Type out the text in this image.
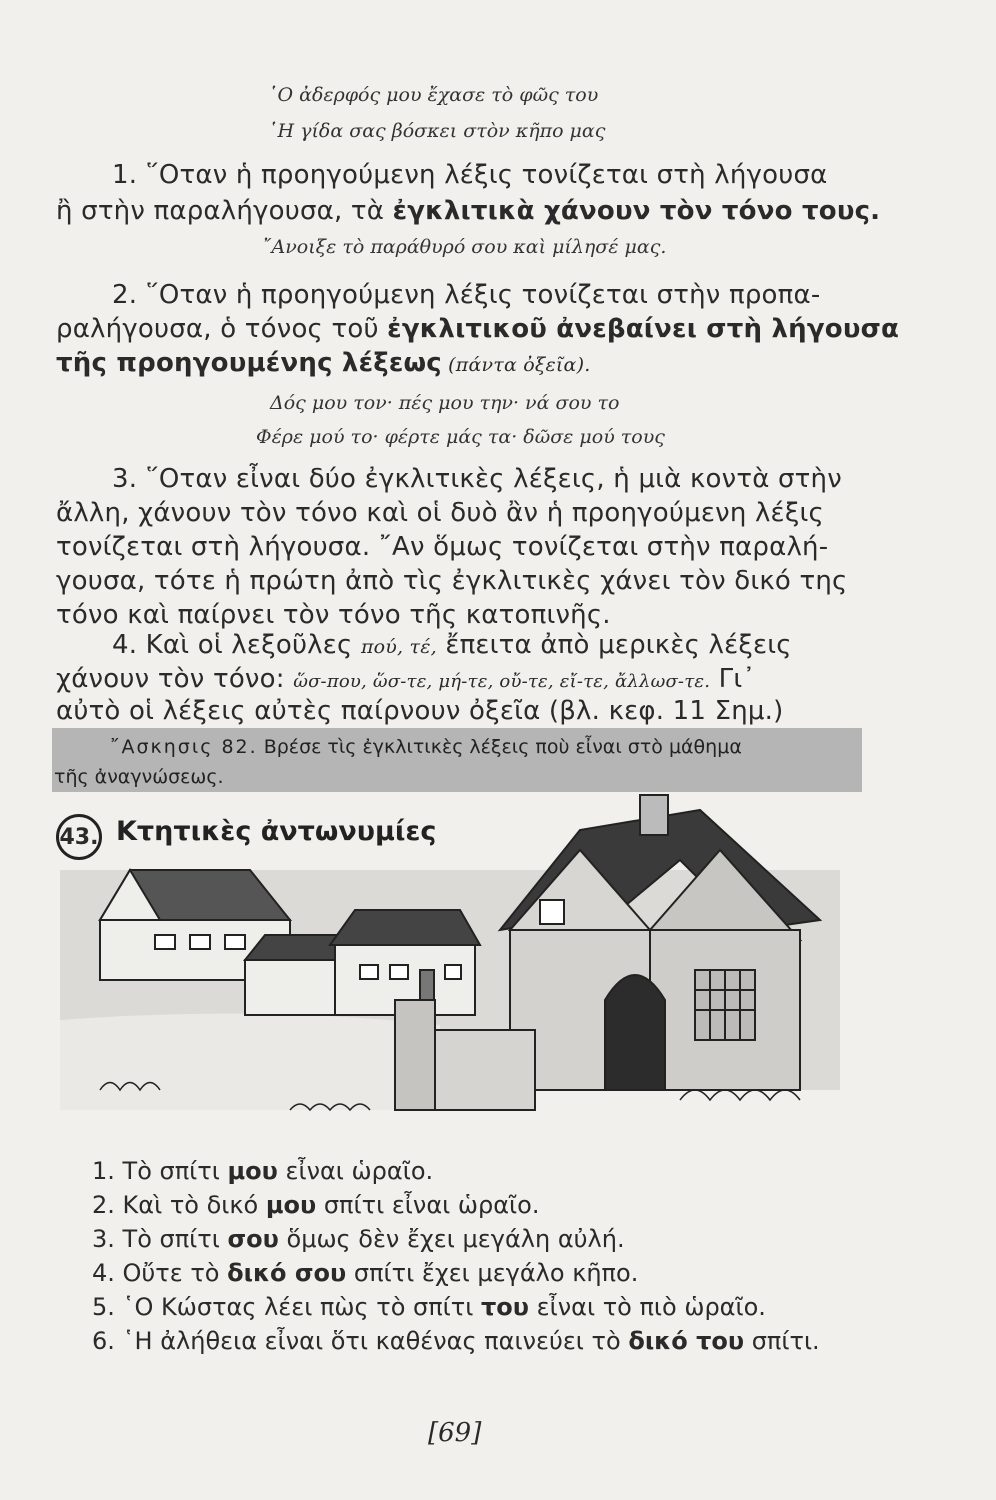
῾Ο ἀδερφός μου ἔχασε τὸ φῶς του
῾Η γίδα σας βόσκει στὸν κῆπο μας
1. ῞Οταν ἡ προηγούμενη λέξις τονίζεται στὴ λήγουσα
ἢ στὴν παραλήγουσα, τὰ ἐγκλιτικὰ χάνουν τὸν τόνο τους.
῎Ανοιξε τὸ παράθυρό σου καὶ μίλησέ μας.
2. ῞Οταν ἡ προηγούμενη λέξις τονίζεται στὴν προπα-
ραλήγουσα, ὁ τόνος τοῦ ἐγκλιτικοῦ ἀνεβαίνει στὴ λήγουσα
τῆς προηγουμένης λέξεως (πάντα ὀξεῖα).
Δός μου τον· πές μου την· νά σου το
Φέρε μού το· φέρτε μάς τα· δῶσε μού τους
3. ῞Οταν εἶναι δύο ἐγκλιτικὲς λέξεις, ἡ μιὰ κοντὰ στὴν
ἄλλη, χάνουν τὸν τόνο καὶ οἱ δυὸ ἂν ἡ προηγούμενη λέξις
τονίζεται στὴ λήγουσα. ῎Αν ὅμως τονίζεται στὴν παραλή-
γουσα, τότε ἡ πρώτη ἀπὸ τὶς ἐγκλιτικὲς χάνει τὸν δικό της
τόνο καὶ παίρνει τὸν τόνο τῆς κατοπινῆς.
4. Καὶ οἱ λεξοῦλες πού, τέ, ἔπειτα ἀπὸ μερικὲς λέξεις
χάνουν τὸν τόνο: ὥσ-που, ὥσ-τε, μή-τε, οὔ-τε, εἴ-τε, ἄλλωσ-τε. Γι᾿
αὐτὸ οἱ λέξεις αὐτὲς παίρνουν ὀξεῖα (βλ. κεφ. 11 Σημ.)
῎Ασκησις 82. Βρέσε τὶς ἐγκλιτικὲς λέξεις ποὺ εἶναι στὸ μάθημα
τῆς ἀναγνώσεως.
43. Κτητικὲς ἀντωνυμίες
1. Τὸ σπίτι μου εἶναι ὡραῖο.
2. Καὶ τὸ δικό μου σπίτι εἶναι ὡραῖο.
3. Τὸ σπίτι σου ὅμως δὲν ἔχει μεγάλη αὐλή.
4. Οὔτε τὸ δικό σου σπίτι ἔχει μεγάλο κῆπο.
5. ῾Ο Κώστας λέει πὼς τὸ σπίτι του εἶναι τὸ πιὸ ὡραῖο.
6. ῾Η ἀλήθεια εἶναι ὅτι καθένας παινεύει τὸ δικό του σπίτι.
[69]
